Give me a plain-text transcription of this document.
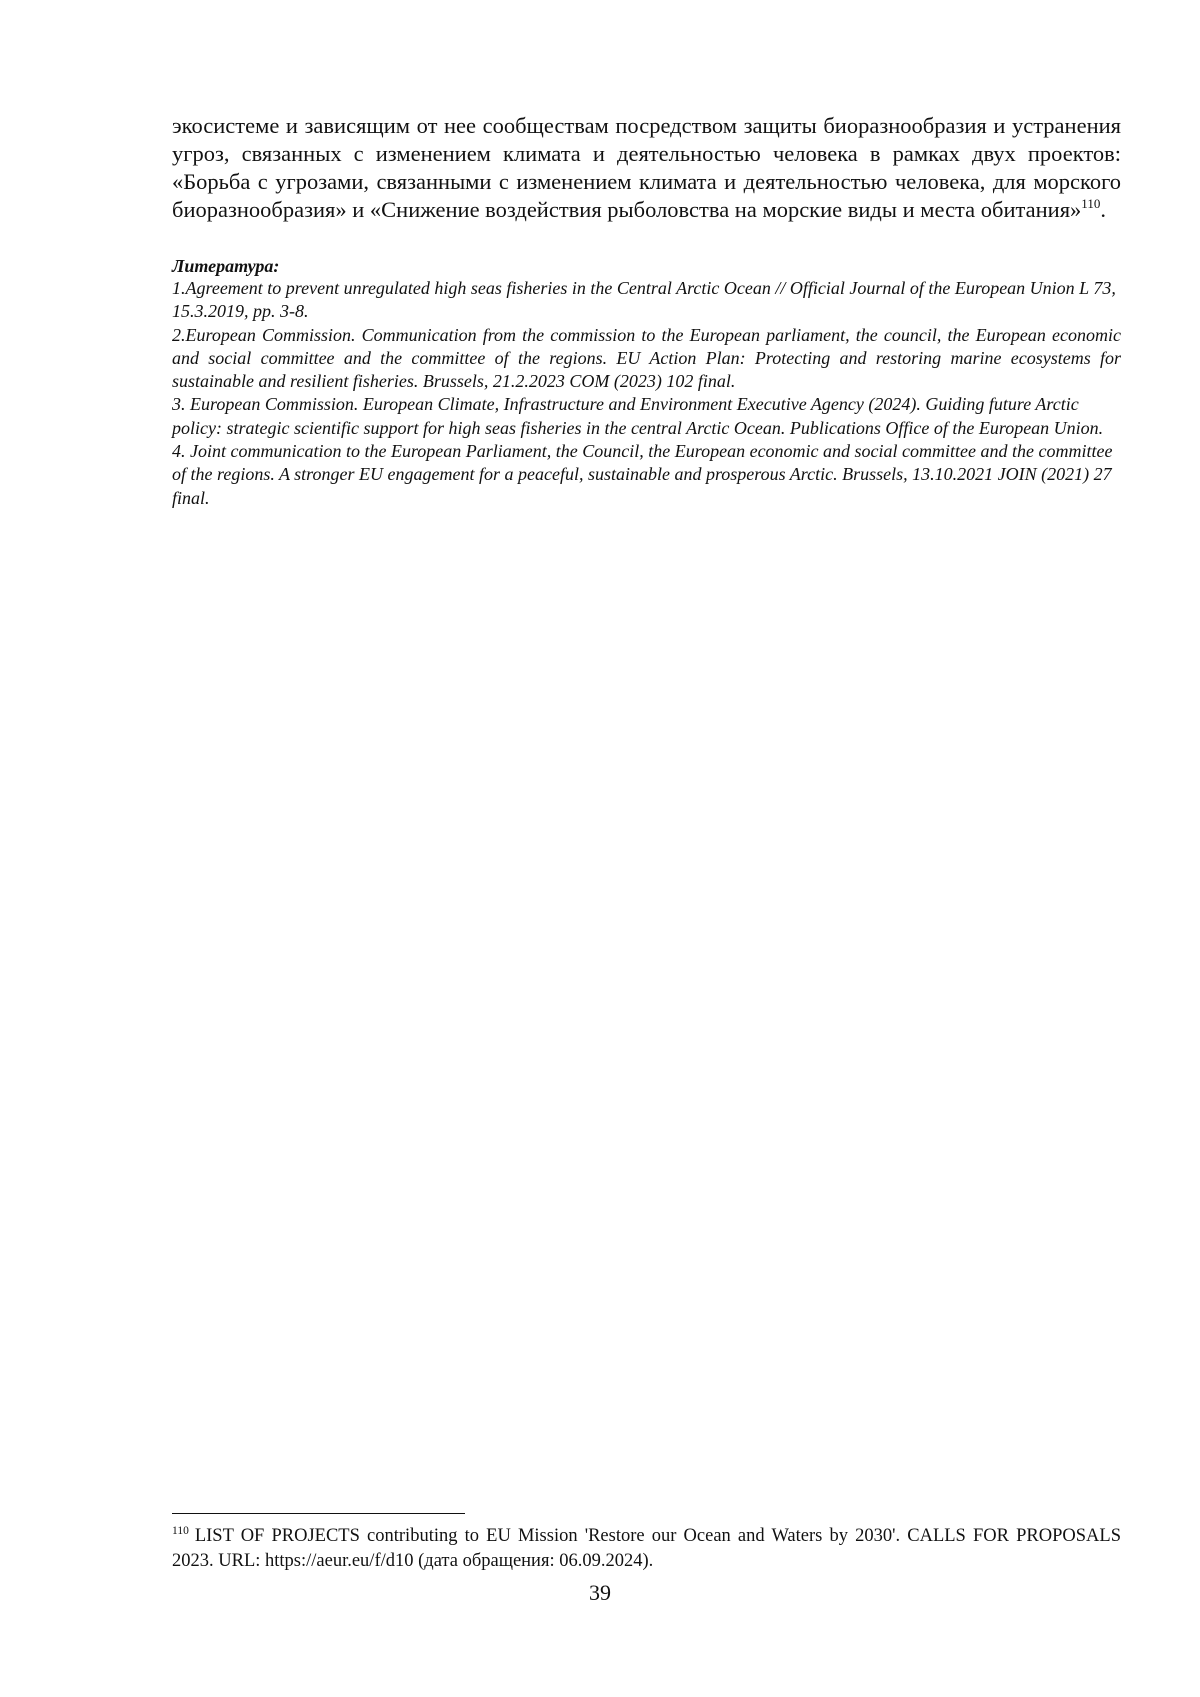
экосистеме и зависящим от нее сообществам посредством защиты биоразнообразия и устранения угроз, связанных с изменением климата и деятельностью человека в рамках двух проектов: «Борьба с угрозами, связанными с изменением климата и деятельностью человека, для морского биоразнообразия» и «Снижение воздействия рыболовства на морские виды и места обитания»$^{110}$.

Литература:

1.Agreement to prevent unregulated high seas fisheries in the Central Arctic Ocean // Official Journal of the European Union L 73, 15.3.2019, pp. 3-8.

2.European Commission. Communication from the commission to the European parliament, the council, the European economic and social committee and the committee of the regions. EU Action Plan: Protecting and restoring marine ecosystems for sustainable and resilient fisheries. Brussels, 21.2.2023 COM (2023) 102 final.

3. European Commission. European Climate, Infrastructure and Environment Executive Agency (2024). Guiding future Arctic policy: strategic scientific support for high seas fisheries in the central Arctic Ocean. Publications Office of the European Union.

4. Joint communication to the European Parliament, the Council, the European economic and social committee and the committee of the regions. A stronger EU engagement for a peaceful, sustainable and prosperous Arctic. Brussels, 13.10.2021 JOIN (2021) 27 final.

$^{110}$ LIST OF PROJECTS contributing to EU Mission 'Restore our Ocean and Waters by 2030'. CALLS FOR PROPOSALS 2023. URL: https://aeur.eu/f/d10 (дата обращения: 06.09.2024).

39
